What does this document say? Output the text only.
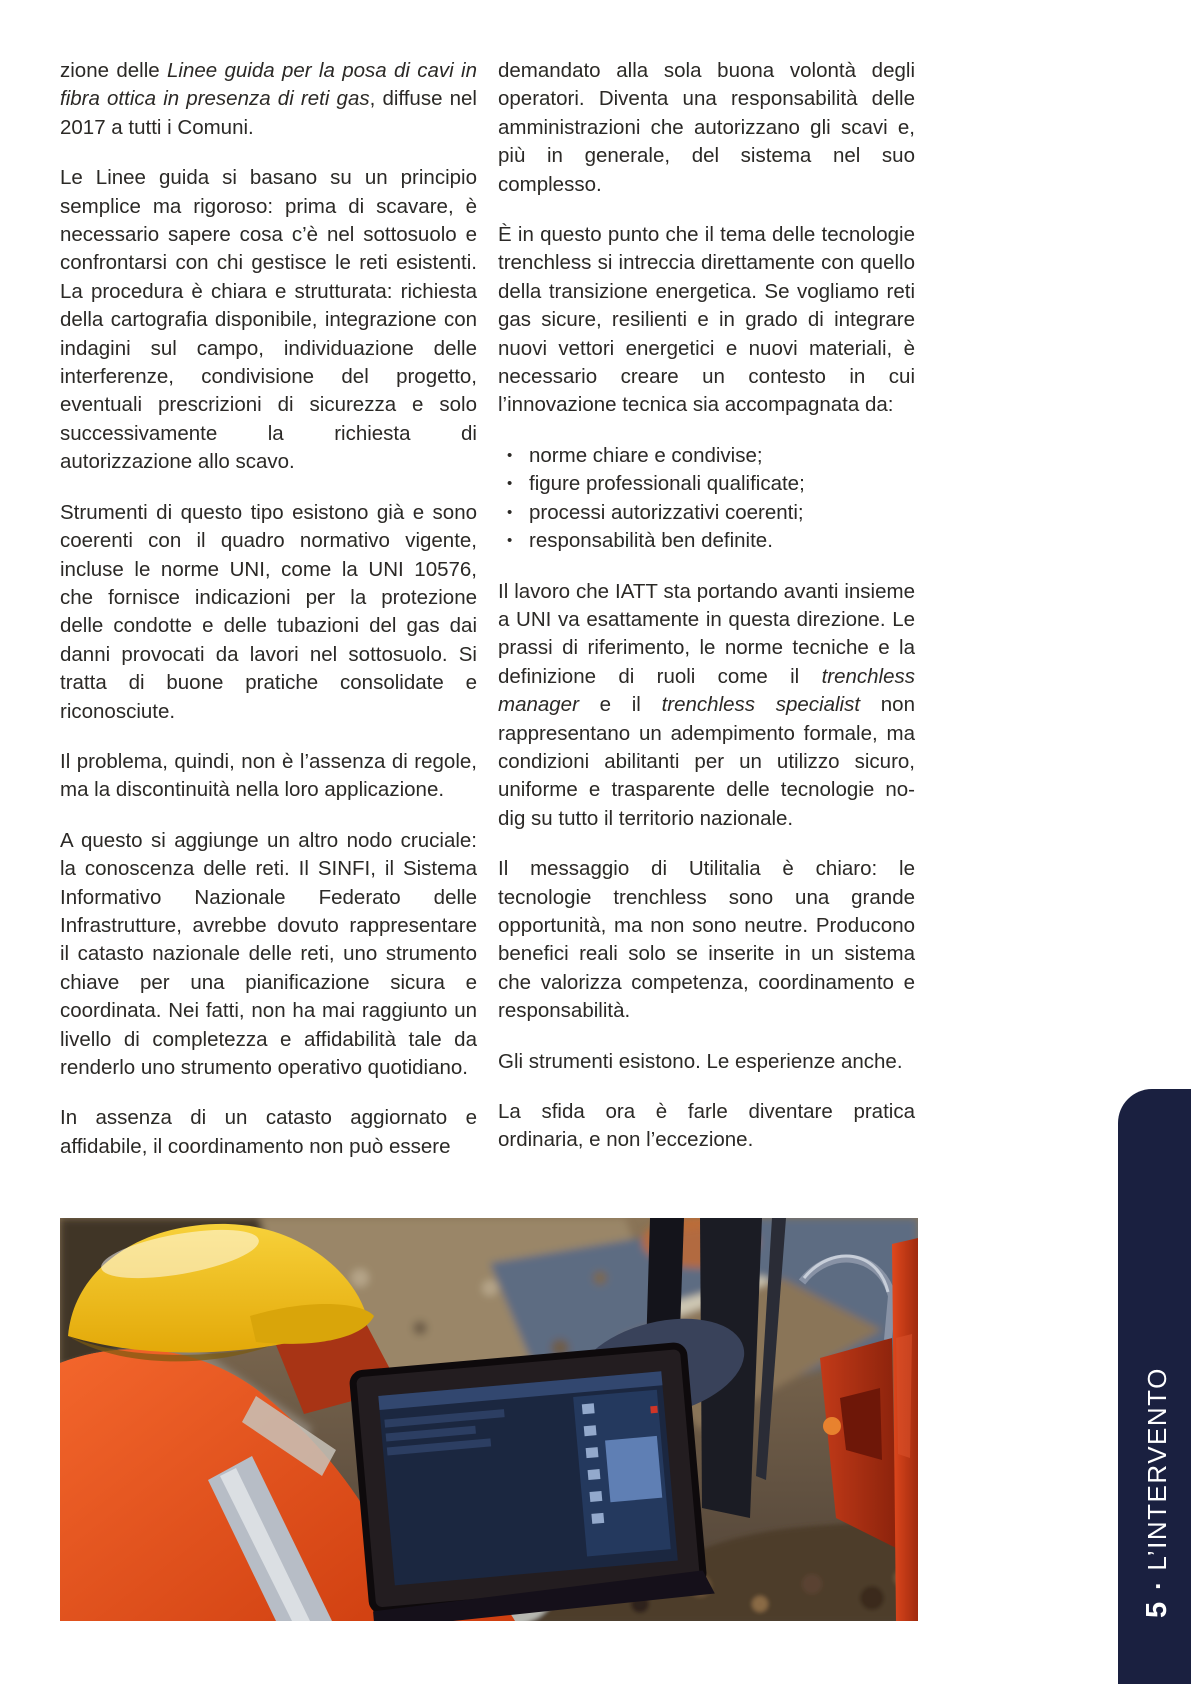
zione delle Linee guida per la posa di cavi in fibra ottica in presenza di reti gas, diffuse nel 2017 a tutti i Comuni.

Le Linee guida si basano su un principio semplice ma rigoroso: prima di scavare, è necessario sapere cosa c’è nel sottosuolo e confrontarsi con chi gestisce le reti esistenti. La procedura è chiara e strutturata: richiesta della cartografia disponibile, integrazione con indagini sul campo, individuazione delle interferenze, condivisione del progetto, eventuali prescrizioni di sicurezza e solo successivamente la richiesta di autorizzazione allo scavo.

Strumenti di questo tipo esistono già e sono coerenti con il quadro normativo vigente, incluse le norme UNI, come la UNI 10576, che fornisce indicazioni per la protezione delle condotte e delle tubazioni del gas dai danni provocati da lavori nel sottosuolo. Si tratta di buone pratiche consolidate e riconosciute.

Il problema, quindi, non è l’assenza di regole, ma la discontinuità nella loro applicazione.

A questo si aggiunge un altro nodo cruciale: la conoscenza delle reti. Il SINFI, il Sistema Informativo Nazionale Federato delle Infrastrutture, avrebbe dovuto rappresentare il catasto nazionale delle reti, uno strumento chiave per una pianificazione sicura e coordinata. Nei fatti, non ha mai raggiunto un livello di completezza e affidabilità tale da renderlo uno strumento operativo quotidiano.

In assenza di un catasto aggiornato e affidabile, il coordinamento non può essere

demandato alla sola buona volontà degli operatori. Diventa una responsabilità delle amministrazioni che autorizzano gli scavi e, più in generale, del sistema nel suo complesso.

È in questo punto che il tema delle tecnologie trenchless si intreccia direttamente con quello della transizione energetica. Se vogliamo reti gas sicure, resilienti e in grado di integrare nuovi vettori energetici e nuovi materiali, è necessario creare un contesto in cui l’innovazione tecnica sia accompagnata da:

• norme chiare e condivise;
• figure professionali qualificate;
• processi autorizzativi coerenti;
• responsabilità ben definite.

Il lavoro che IATT sta portando avanti insieme a UNI va esattamente in questa direzione. Le prassi di riferimento, le norme tecniche e la definizione di ruoli come il trenchless manager e il trenchless specialist non rappresentano un adempimento formale, ma condizioni abilitanti per un utilizzo sicuro, uniforme e trasparente delle tecnologie no-dig su tutto il territorio nazionale.

Il messaggio di Utilitalia è chiaro: le tecnologie trenchless sono una grande opportunità, ma non sono neutre. Producono benefici reali solo se inserite in un sistema che valorizza competenza, coordinamento e responsabilità.

Gli strumenti esistono. Le esperienze anche.

La sfida ora è farle diventare pratica ordinaria, e non l’eccezione.

5.L’INTERVENTO
